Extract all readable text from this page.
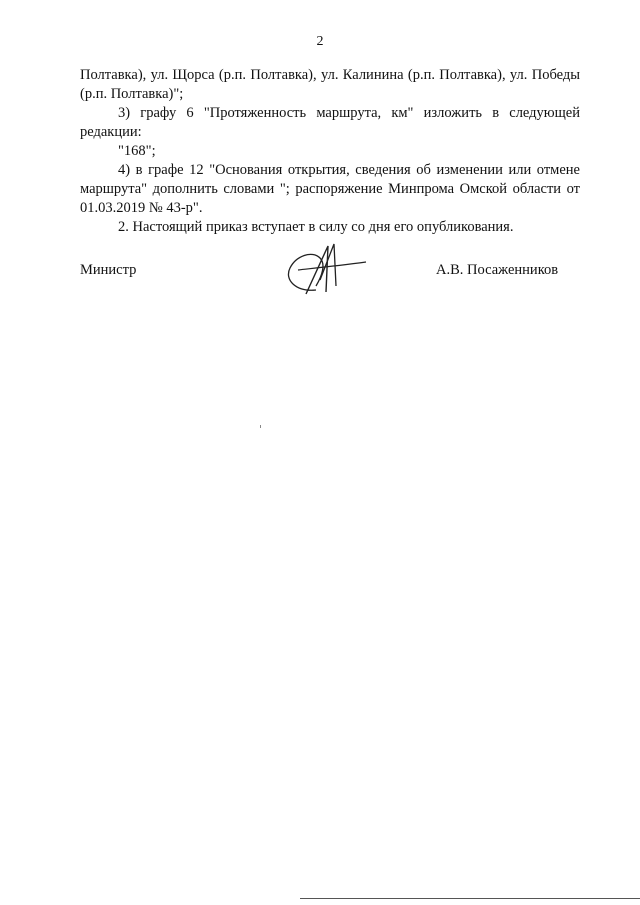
2

Полтавка), ул. Щорса (р.п. Полтавка), ул. Калинина (р.п. Полтавка), ул. Победы (р.п. Полтавка)";

3) графу 6 "Протяженность маршрута, км" изложить в следующей редакции:

"168";

4) в графе 12 "Основания открытия, сведения об изменении или отмене маршрута" дополнить словами "; распоряжение Минпрома Омской области от 01.03.2019 № 43-р".

2. Настоящий приказ вступает в силу со дня его опубликования.

Министр	А.В. Посаженников
